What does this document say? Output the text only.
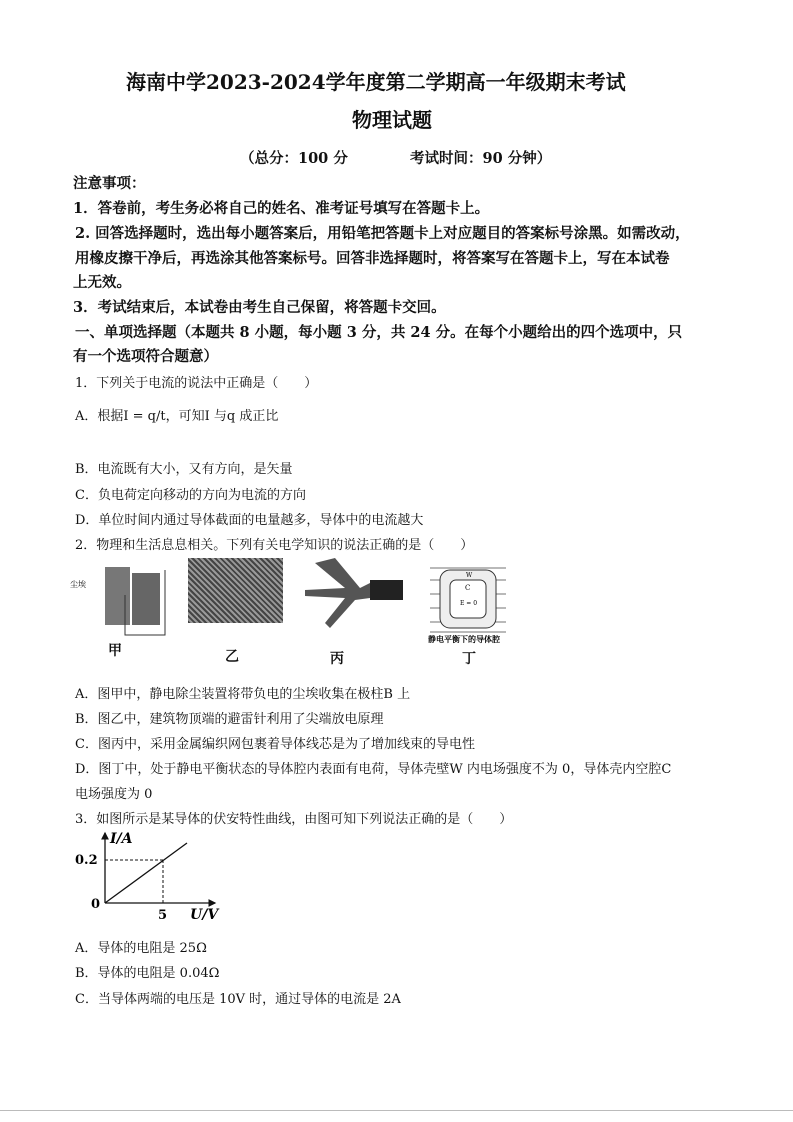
海南中学2023-2024学年度第二学期高一年级期末考试
物理试题
（总分：100 分	考试时间：90 分钟）
注意事项：
1．答卷前，考生务必将自己的姓名、准考证号填写在答题卡上。
2. 回答选择题时，选出每小题答案后，用铅笔把答题卡上对应题目的答案标号涂黑。如需改动，
用橡皮擦干净后，再选涂其他答案标号。回答非选择题时，将答案写在答题卡上，写在本试卷
上无效。
3．考试结束后，本试卷由考生自己保留，将答题卡交回。
一、单项选择题（本题共 8 小题，每小题 3 分，共 24 分。在每个小题给出的四个选项中，只
有一个选项符合题意）
1．下列关于电流的说法中正确是（　　）
A．根据I = q/t，可知I 与q 成正比
B．电流既有大小，又有方向，是矢量
C．负电荷定向移动的方向为电流的方向
D．单位时间内通过导体截面的电量越多，导体中的电流越大
2．物理和生活息息相关。下列有关电学知识的说法正确的是（　　）
尘埃
W
C
E = 0
静电平衡下的导体腔
甲	乙	丙	丁
A．图甲中，静电除尘装置将带负电的尘埃收集在极柱B 上
B．图乙中，建筑物顶端的避雷针利用了尖端放电原理
C．图丙中，采用金属编织网包裹着导体线芯是为了增加线束的导电性
D．图丁中，处于静电平衡状态的导体腔内表面有电荷，导体壳壁W 内电场强度不为 0，导体壳内空腔C
电场强度为 0
3．如图所示是某导体的伏安特性曲线，由图可知下列说法正确的是（　　）
I/A
0.2
0
5 U/V
A．导体的电阻是 25Ω
B．导体的电阻是 0.04Ω
C．当导体两端的电压是 10V 时，通过导体的电流是 2A
